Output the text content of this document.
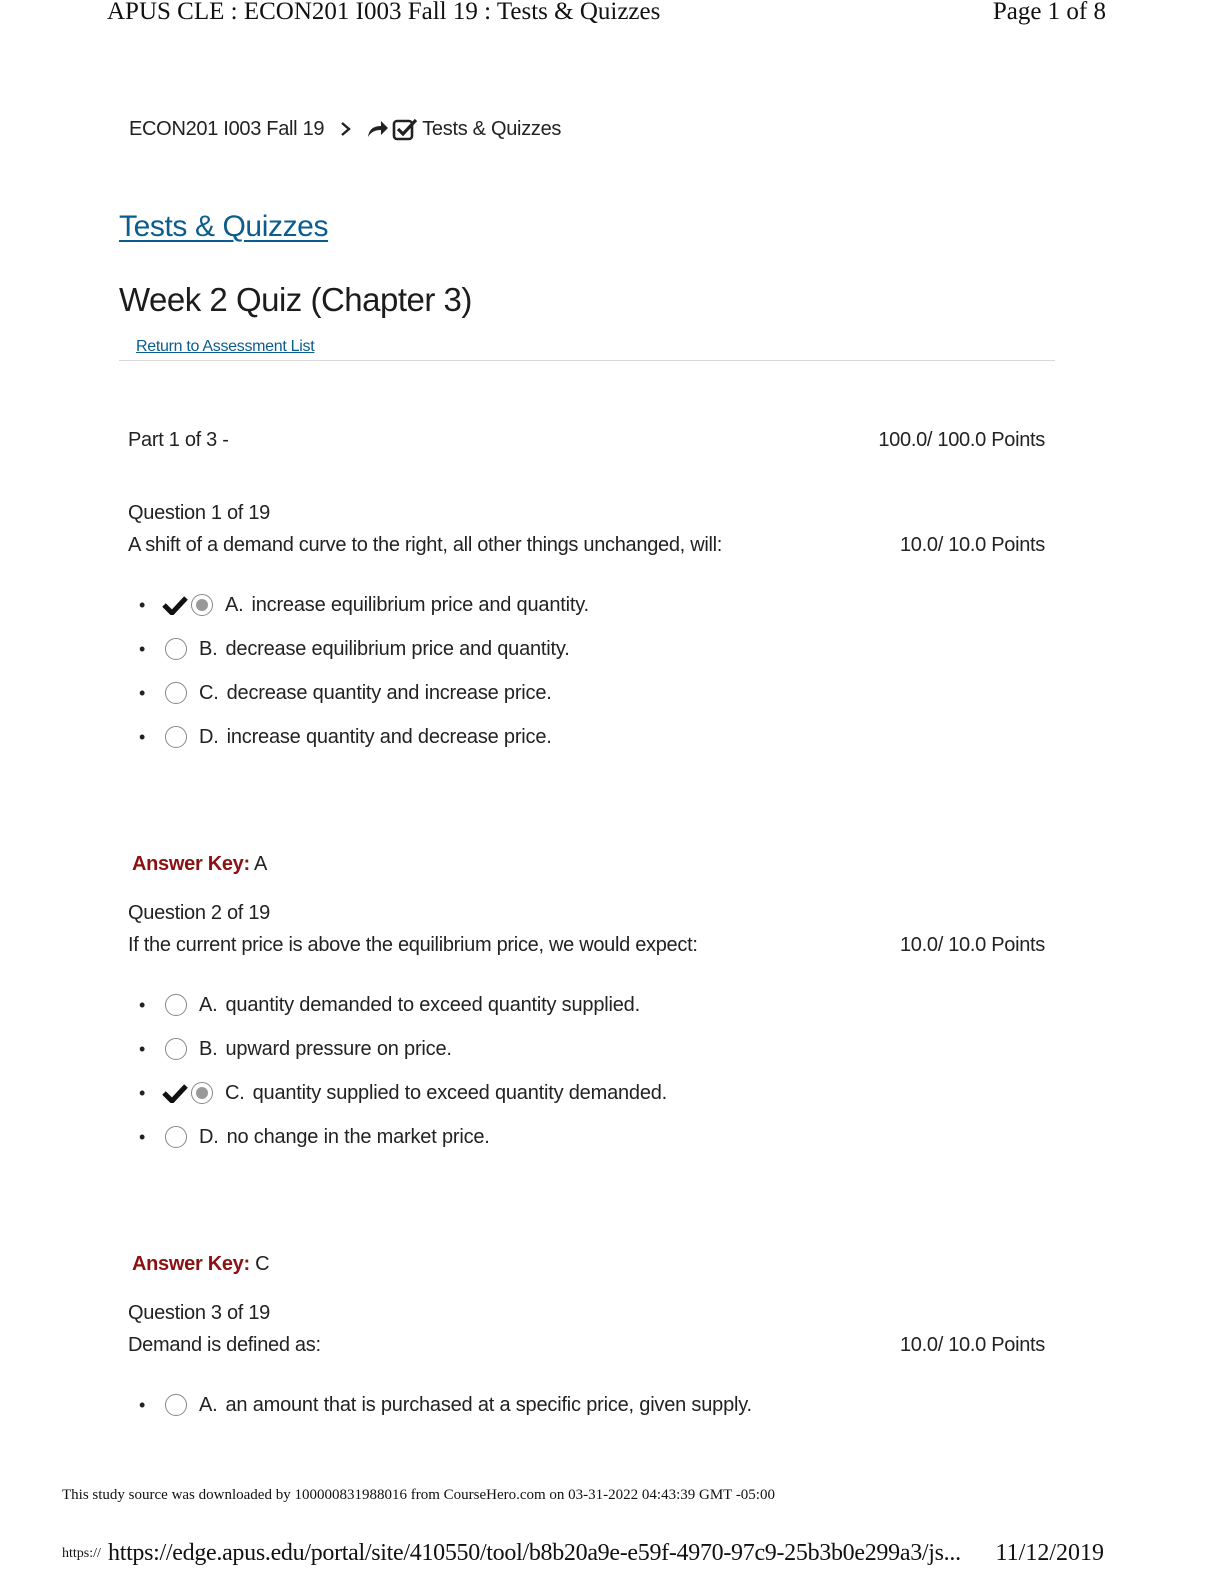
APUS CLE : ECON201 I003 Fall 19 : Tests & Quizzes	Page 1 of 8
ECON201 I003 Fall 19	Tests & Quizzes
Tests & Quizzes
Week 2 Quiz (Chapter 3)
Return to Assessment List
Part 1 of 3 -	100.0/ 100.0 Points
Question 1 of 19
A shift of a demand curve to the right, all other things unchanged, will:	10.0/ 10.0 Points
•	A. increase equilibrium price and quantity.
•	B. decrease equilibrium price and quantity.
•	C. decrease quantity and increase price.
•	D. increase quantity and decrease price.
Answer Key: A
Question 2 of 19
If the current price is above the equilibrium price, we would expect:	10.0/ 10.0 Points
•	A. quantity demanded to exceed quantity supplied.
•	B. upward pressure on price.
•	C. quantity supplied to exceed quantity demanded.
•	D. no change in the market price.
Answer Key: C
Question 3 of 19
Demand is defined as:	10.0/ 10.0 Points
•	A. an amount that is purchased at a specific price, given supply.
This study source was downloaded by 100000831988016 from CourseHero.com on 03-31-2022 04:43:39 GMT -05:00
https:// https://edge.apus.edu/portal/site/410550/tool/b8b20a9e-e59f-4970-97c9-25b3b0e299a3/js... 11/12/2019
